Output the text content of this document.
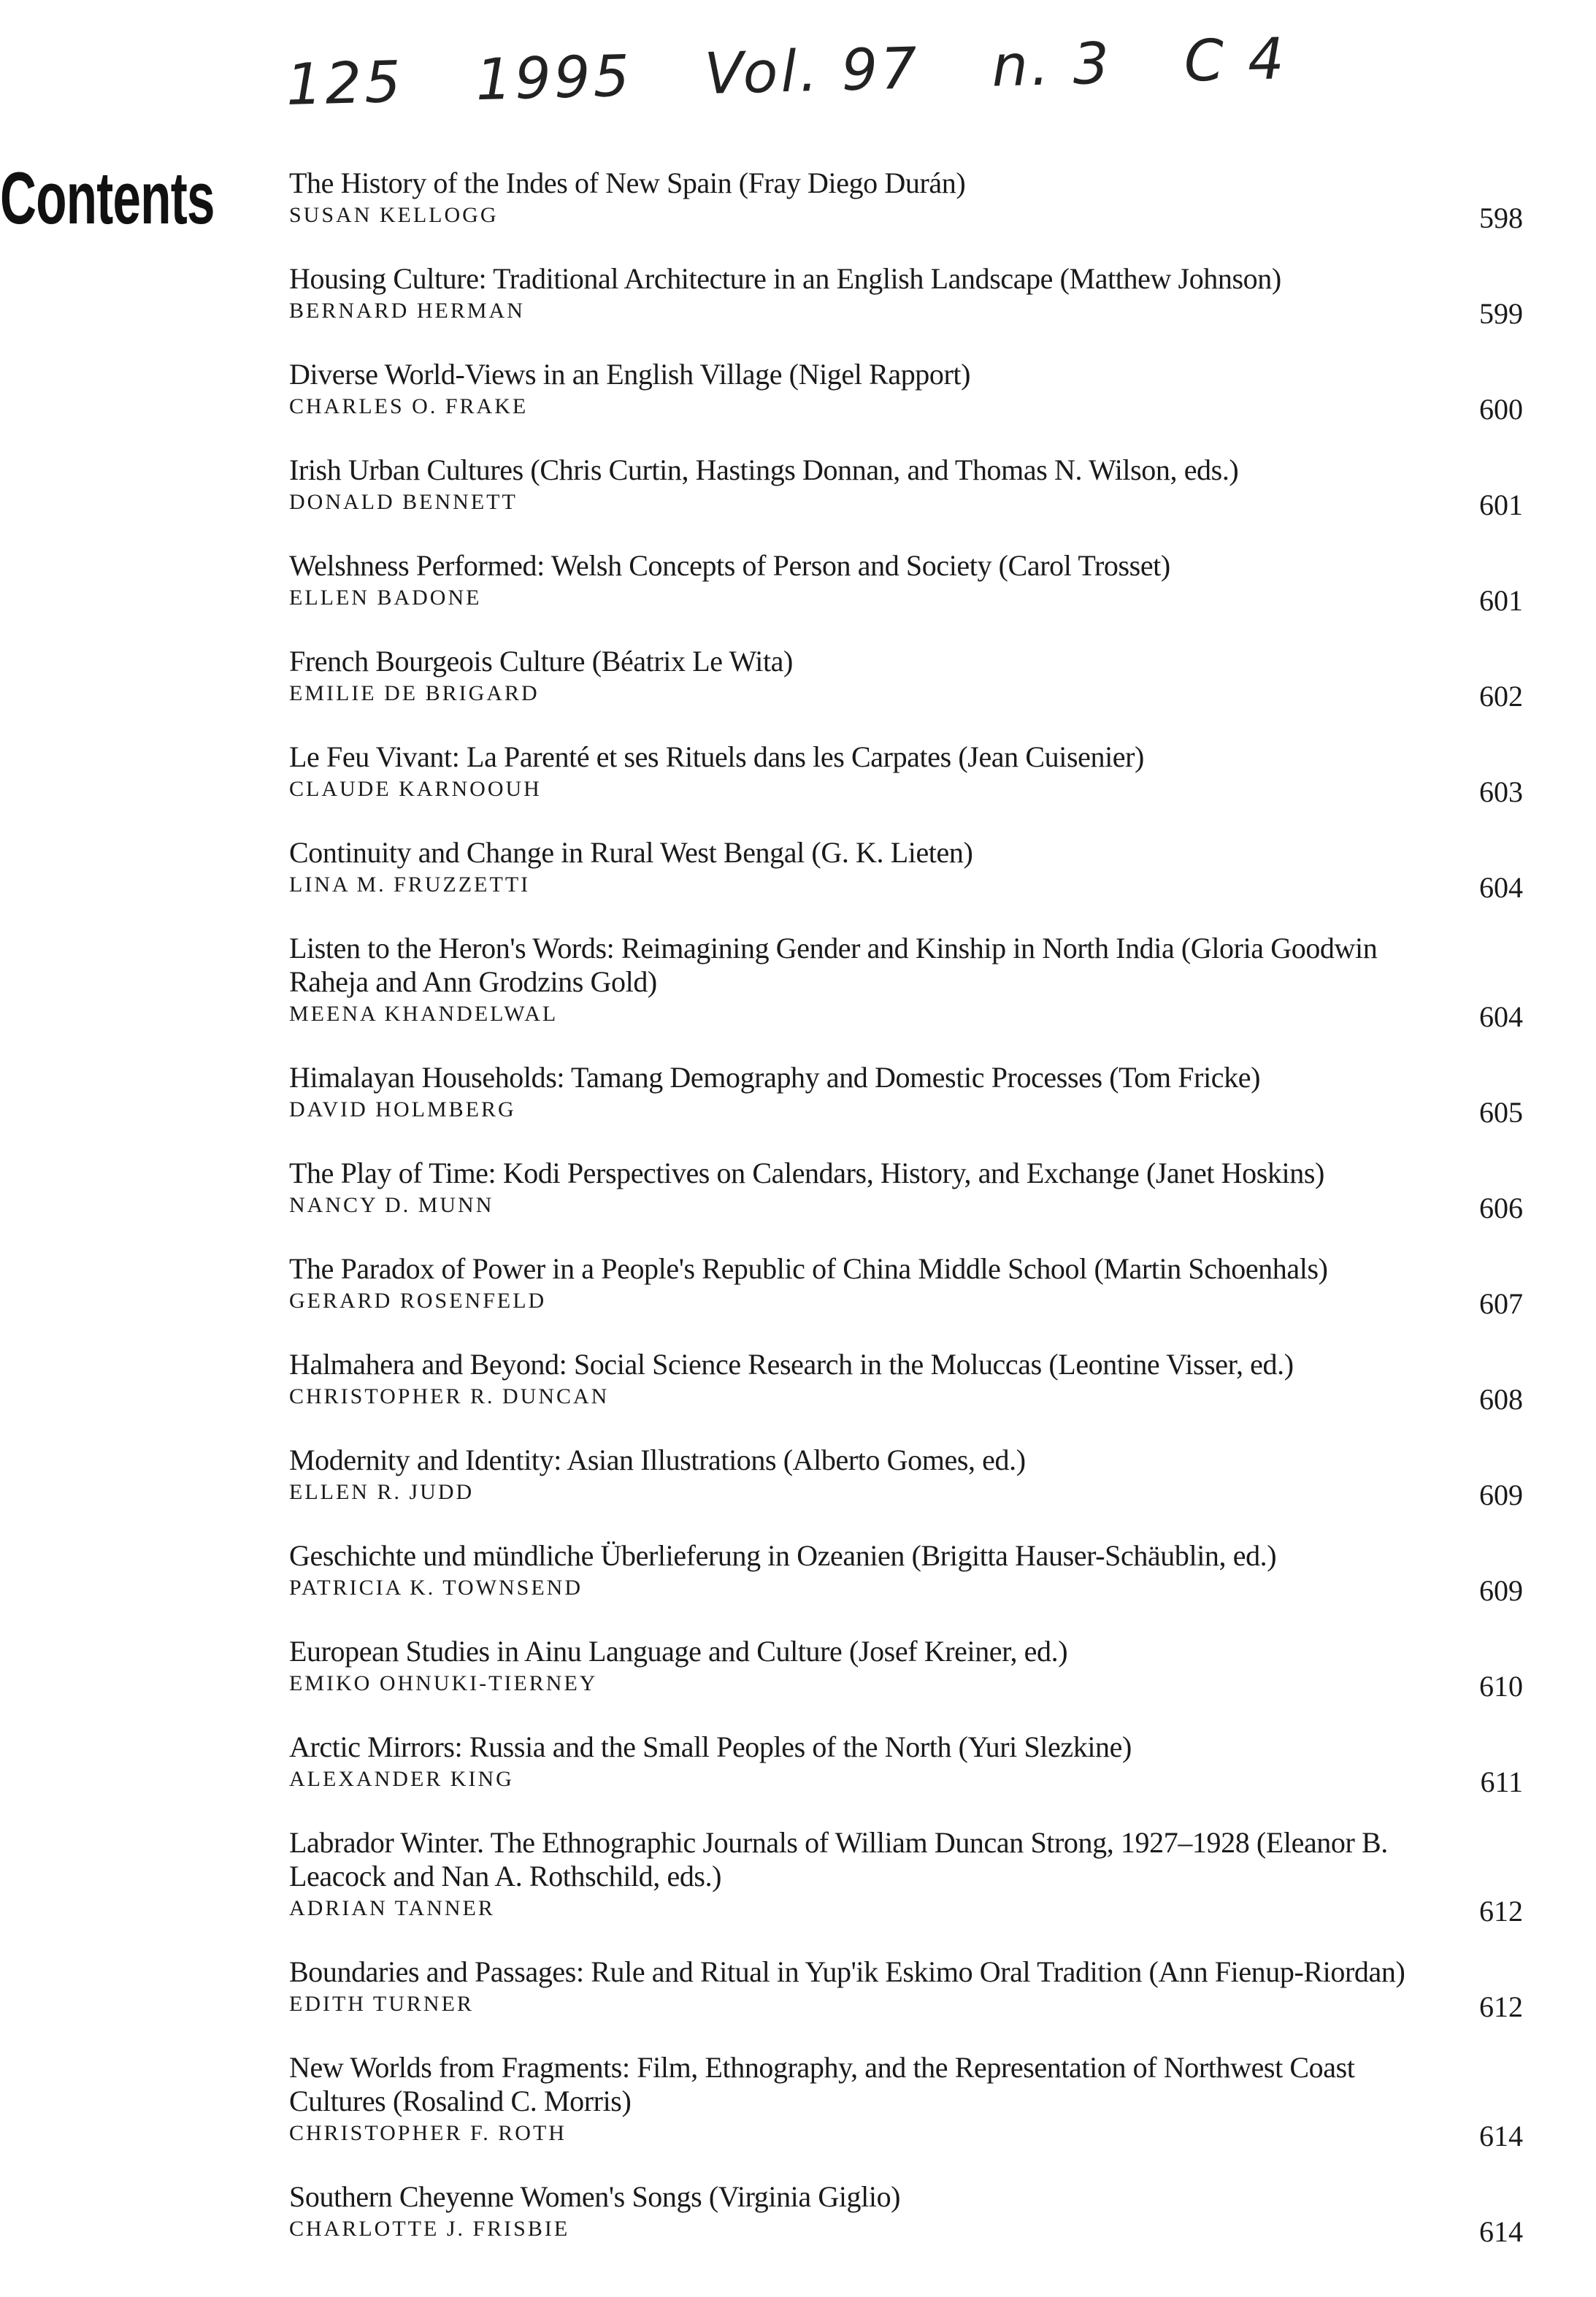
125 1995 Vol. 97 n. 3 C 4
Contents	The History of the Indes of New Spain (Fray Diego Durán)
SUSAN KELLOGG	598
Housing Culture: Traditional Architecture in an English Landscape (Matthew Johnson)
BERNARD HERMAN	599
Diverse World-Views in an English Village (Nigel Rapport)
CHARLES O. FRAKE	600
Irish Urban Cultures (Chris Curtin, Hastings Donnan, and Thomas N. Wilson, eds.)
DONALD BENNETT	601
Welshness Performed: Welsh Concepts of Person and Society (Carol Trosset)
ELLEN BADONE	601
French Bourgeois Culture (Béatrix Le Wita)
EMILIE DE BRIGARD	602
Le Feu Vivant: La Parenté et ses Rituels dans les Carpates (Jean Cuisenier)
CLAUDE KARNOOUH	603
Continuity and Change in Rural West Bengal (G. K. Lieten)
LINA M. FRUZZETTI	604
Listen to the Heron's Words: Reimagining Gender and Kinship in North India (Gloria Goodwin Raheja and Ann Grodzins Gold)
MEENA KHANDELWAL	604
Himalayan Households: Tamang Demography and Domestic Processes (Tom Fricke)
DAVID HOLMBERG	605
The Play of Time: Kodi Perspectives on Calendars, History, and Exchange (Janet Hoskins)
NANCY D. MUNN	606
The Paradox of Power in a People's Republic of China Middle School (Martin Schoenhals)
GERARD ROSENFELD	607
Halmahera and Beyond: Social Science Research in the Moluccas (Leontine Visser, ed.)
CHRISTOPHER R. DUNCAN	608
Modernity and Identity: Asian Illustrations (Alberto Gomes, ed.)
ELLEN R. JUDD	609
Geschichte und mündliche Überlieferung in Ozeanien (Brigitta Hauser-Schäublin, ed.)
PATRICIA K. TOWNSEND	609
European Studies in Ainu Language and Culture (Josef Kreiner, ed.)
EMIKO OHNUKI-TIERNEY	610
Arctic Mirrors: Russia and the Small Peoples of the North (Yuri Slezkine)
ALEXANDER KING	611
Labrador Winter. The Ethnographic Journals of William Duncan Strong, 1927–1928 (Eleanor B. Leacock and Nan A. Rothschild, eds.)
ADRIAN TANNER	612
Boundaries and Passages: Rule and Ritual in Yup'ik Eskimo Oral Tradition (Ann Fienup-Riordan)
EDITH TURNER	612
New Worlds from Fragments: Film, Ethnography, and the Representation of Northwest Coast Cultures (Rosalind C. Morris)
CHRISTOPHER F. ROTH	614
Southern Cheyenne Women's Songs (Virginia Giglio)
CHARLOTTE J. FRISBIE	614
